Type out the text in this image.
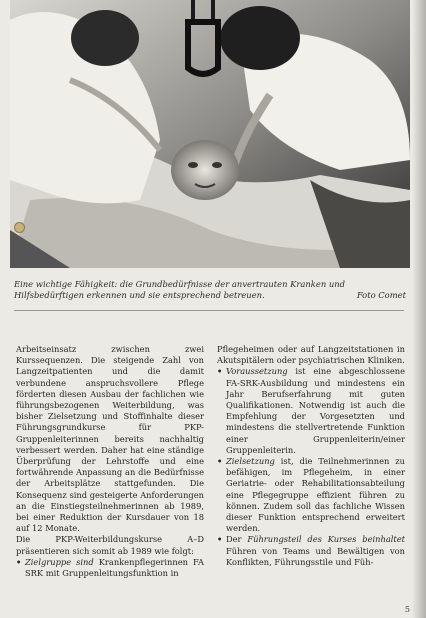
Eine wichtige Fähigkeit: die Grundbedürfnisse der anvertrauten Kranken und Hilfsbedürftigen erkennen und sie entsprechend betreuen.	Foto Comet

Arbeitseinsatz zwischen zwei Kurssequenzen. Die steigende Zahl von Langzeitpatienten und die damit verbundene anspruchsvollere Pflege förderten diesen Ausbau der fachlichen wie führungsbezogenen Weiterbildung, was bisher Zielsetzung und Stoffinhalte dieser Führungsgrundkurse für PKP-Gruppenleiterinnen bereits nachhaltig verbessert werden. Daher hat eine ständige Überprüfung der Lehrstoffe und eine fortwährende Anpassung an die Bedürfnisse der Arbeitsplätze stattgefunden. Die Konsequenz sind gesteigerte Anforderungen an die Einstiegsteilnehmerinnen ab 1989, bei einer Reduktion der Kursdauer von 18 auf 12 Monate.

Die PKP-Weiterbildungskurse A–D präsentieren sich somit ab 1989 wie folgt:

• Zielgruppe sind Krankenpflegerinnen FA SRK mit Gruppenleitungsfunktion in

Pflegeheimen oder auf Langzeitstationen in Akutspitälern oder psychiatrischen Kliniken.

• Voraussetzung ist eine abgeschlossene FA-SRK-Ausbildung und mindestens ein Jahr Berufserfahrung mit guten Qualifikationen. Notwendig ist auch die Empfehlung der Vorgesetzten und mindestens die stellvertretende Funktion einer Gruppenleiterin/einer Gruppenleiterin.
• Zielsetzung ist, die Teilnehmerinnen zu befähigen, im Pflegeheim, in einer Geriatrie- oder Rehabilitationsabteilung eine Pflegegruppe effizient führen zu können. Zudem soll das fachliche Wissen dieser Funktion entsprechend erweitert werden.
• Der Führungsteil des Kurses beinhaltet Führen von Teams und Bewältigen von Konflikten, Führungsstile und Füh-
5
